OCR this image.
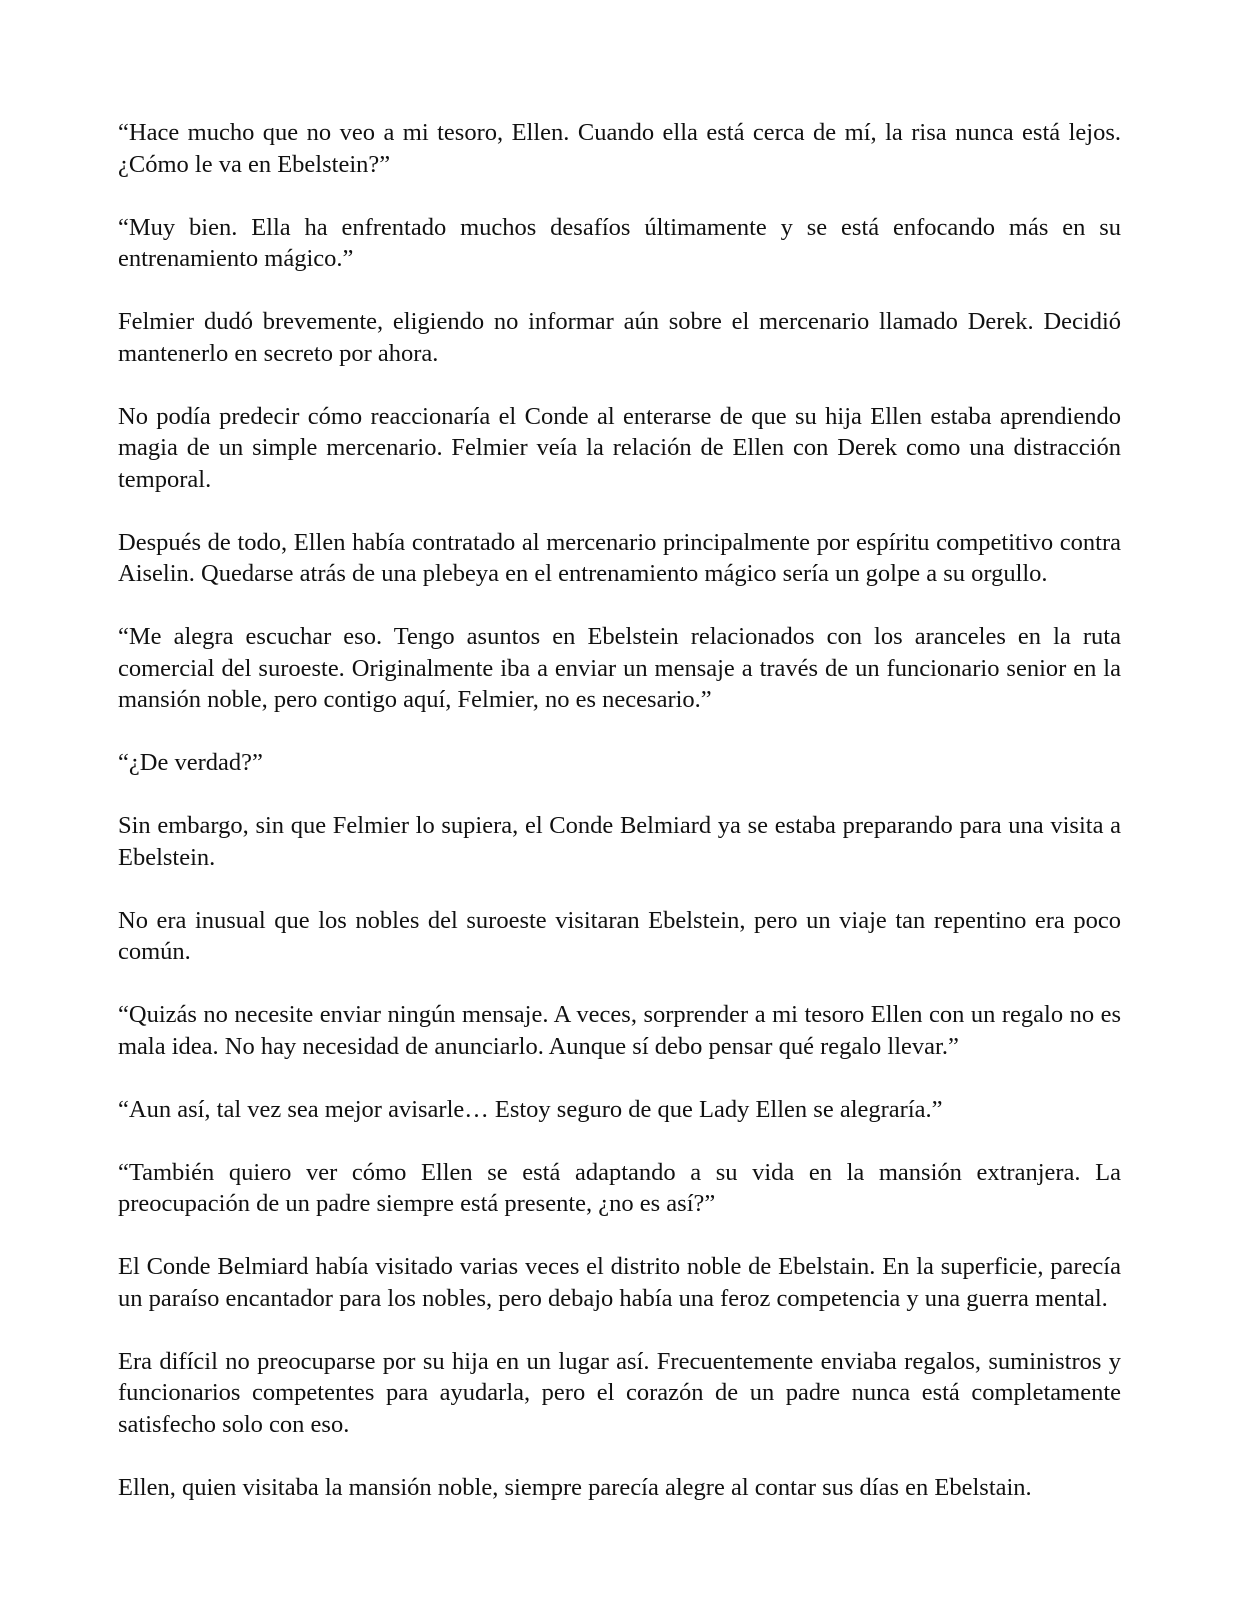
“Hace mucho que no veo a mi tesoro, Ellen. Cuando ella está cerca de mí, la risa nunca está lejos. ¿Cómo le va en Ebelstein?”

“Muy bien. Ella ha enfrentado muchos desafíos últimamente y se está enfocando más en su entrenamiento mágico.”

Felmier dudó brevemente, eligiendo no informar aún sobre el mercenario llamado Derek. Decidió mantenerlo en secreto por ahora.

No podía predecir cómo reaccionaría el Conde al enterarse de que su hija Ellen estaba aprendiendo magia de un simple mercenario. Felmier veía la relación de Ellen con Derek como una distracción temporal.

Después de todo, Ellen había contratado al mercenario principalmente por espíritu competitivo contra Aiselin. Quedarse atrás de una plebeya en el entrenamiento mágico sería un golpe a su orgullo.

“Me alegra escuchar eso. Tengo asuntos en Ebelstein relacionados con los aranceles en la ruta comercial del suroeste. Originalmente iba a enviar un mensaje a través de un funcionario senior en la mansión noble, pero contigo aquí, Felmier, no es necesario.”

“¿De verdad?”

Sin embargo, sin que Felmier lo supiera, el Conde Belmiard ya se estaba preparando para una visita a Ebelstein.

No era inusual que los nobles del suroeste visitaran Ebelstein, pero un viaje tan repentino era poco común.

“Quizás no necesite enviar ningún mensaje. A veces, sorprender a mi tesoro Ellen con un regalo no es mala idea. No hay necesidad de anunciarlo. Aunque sí debo pensar qué regalo llevar.”

“Aun así, tal vez sea mejor avisarle… Estoy seguro de que Lady Ellen se alegraría.”

“También quiero ver cómo Ellen se está adaptando a su vida en la mansión extranjera. La preocupación de un padre siempre está presente, ¿no es así?”

El Conde Belmiard había visitado varias veces el distrito noble de Ebelstain. En la superficie, parecía un paraíso encantador para los nobles, pero debajo había una feroz competencia y una guerra mental.

Era difícil no preocuparse por su hija en un lugar así. Frecuentemente enviaba regalos, suministros y funcionarios competentes para ayudarla, pero el corazón de un padre nunca está completamente satisfecho solo con eso.

Ellen, quien visitaba la mansión noble, siempre parecía alegre al contar sus días en Ebelstain.
